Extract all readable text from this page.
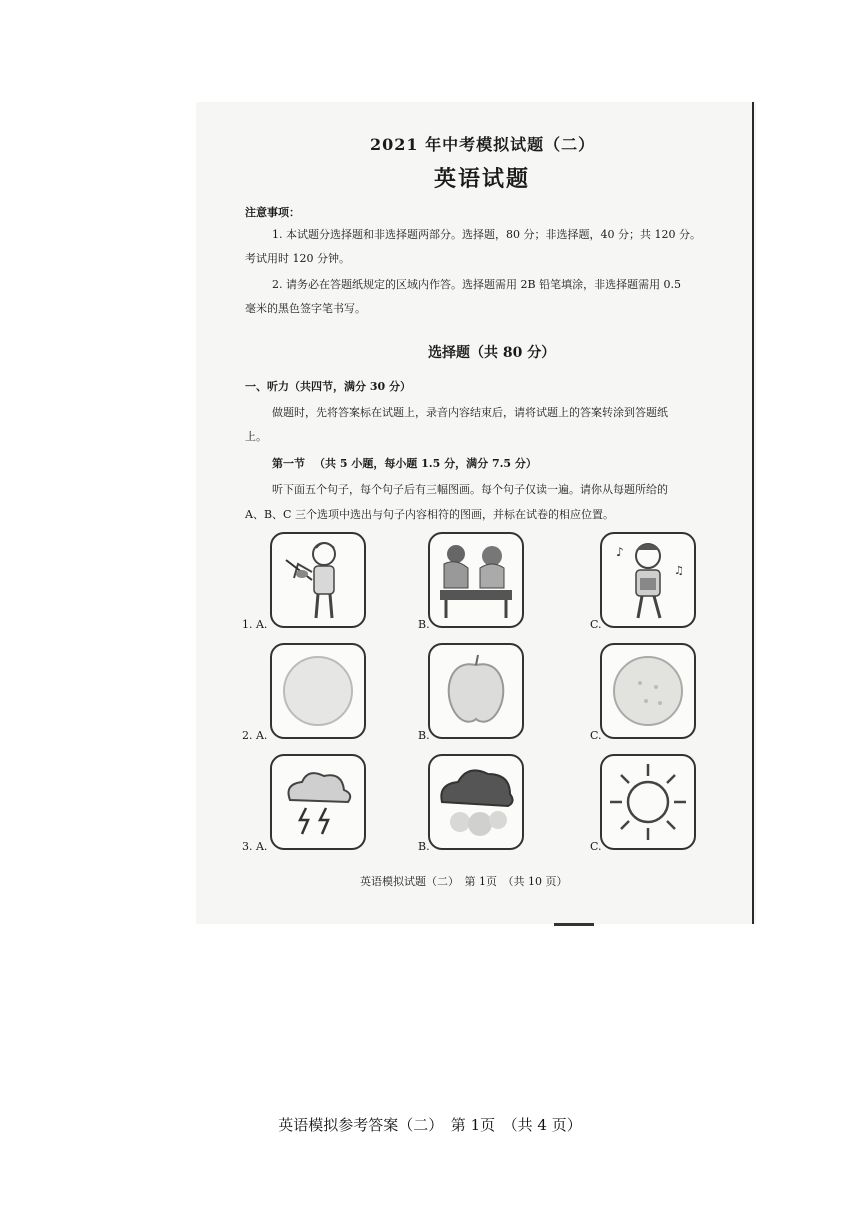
2021 年中考模拟试题（二）
英语试题
注意事项：
1. 本试题分选择题和非选择题两部分。选择题，80 分；非选择题，40 分；共 120 分。
考试用时 120 分钟。
2. 请务必在答题纸规定的区域内作答。选择题需用 2B 铅笔填涂，非选择题需用 0.5
毫米的黑色签字笔书写。
选择题（共 80 分）
一、听力（共四节，满分 30 分）
做题时，先将答案标在试题上，录音内容结束后，请将试题上的答案转涂到答题纸
上。
第一节 （共 5 小题，每小题 1.5 分，满分 7.5 分）
听下面五个句子，每个句子后有三幅图画。每个句子仅读一遍。请你从每题所给的
A、B、C 三个选项中选出与句子内容相符的图画，并标在试卷的相应位置。
♪
♫
1. A.	B.	C.
2. A.	B.	C.
3. A.	B.	C.
英语模拟试题（二）　第 1页　（共 10 页）
英语模拟参考答案（二）　第 1页　（共 4 页）
